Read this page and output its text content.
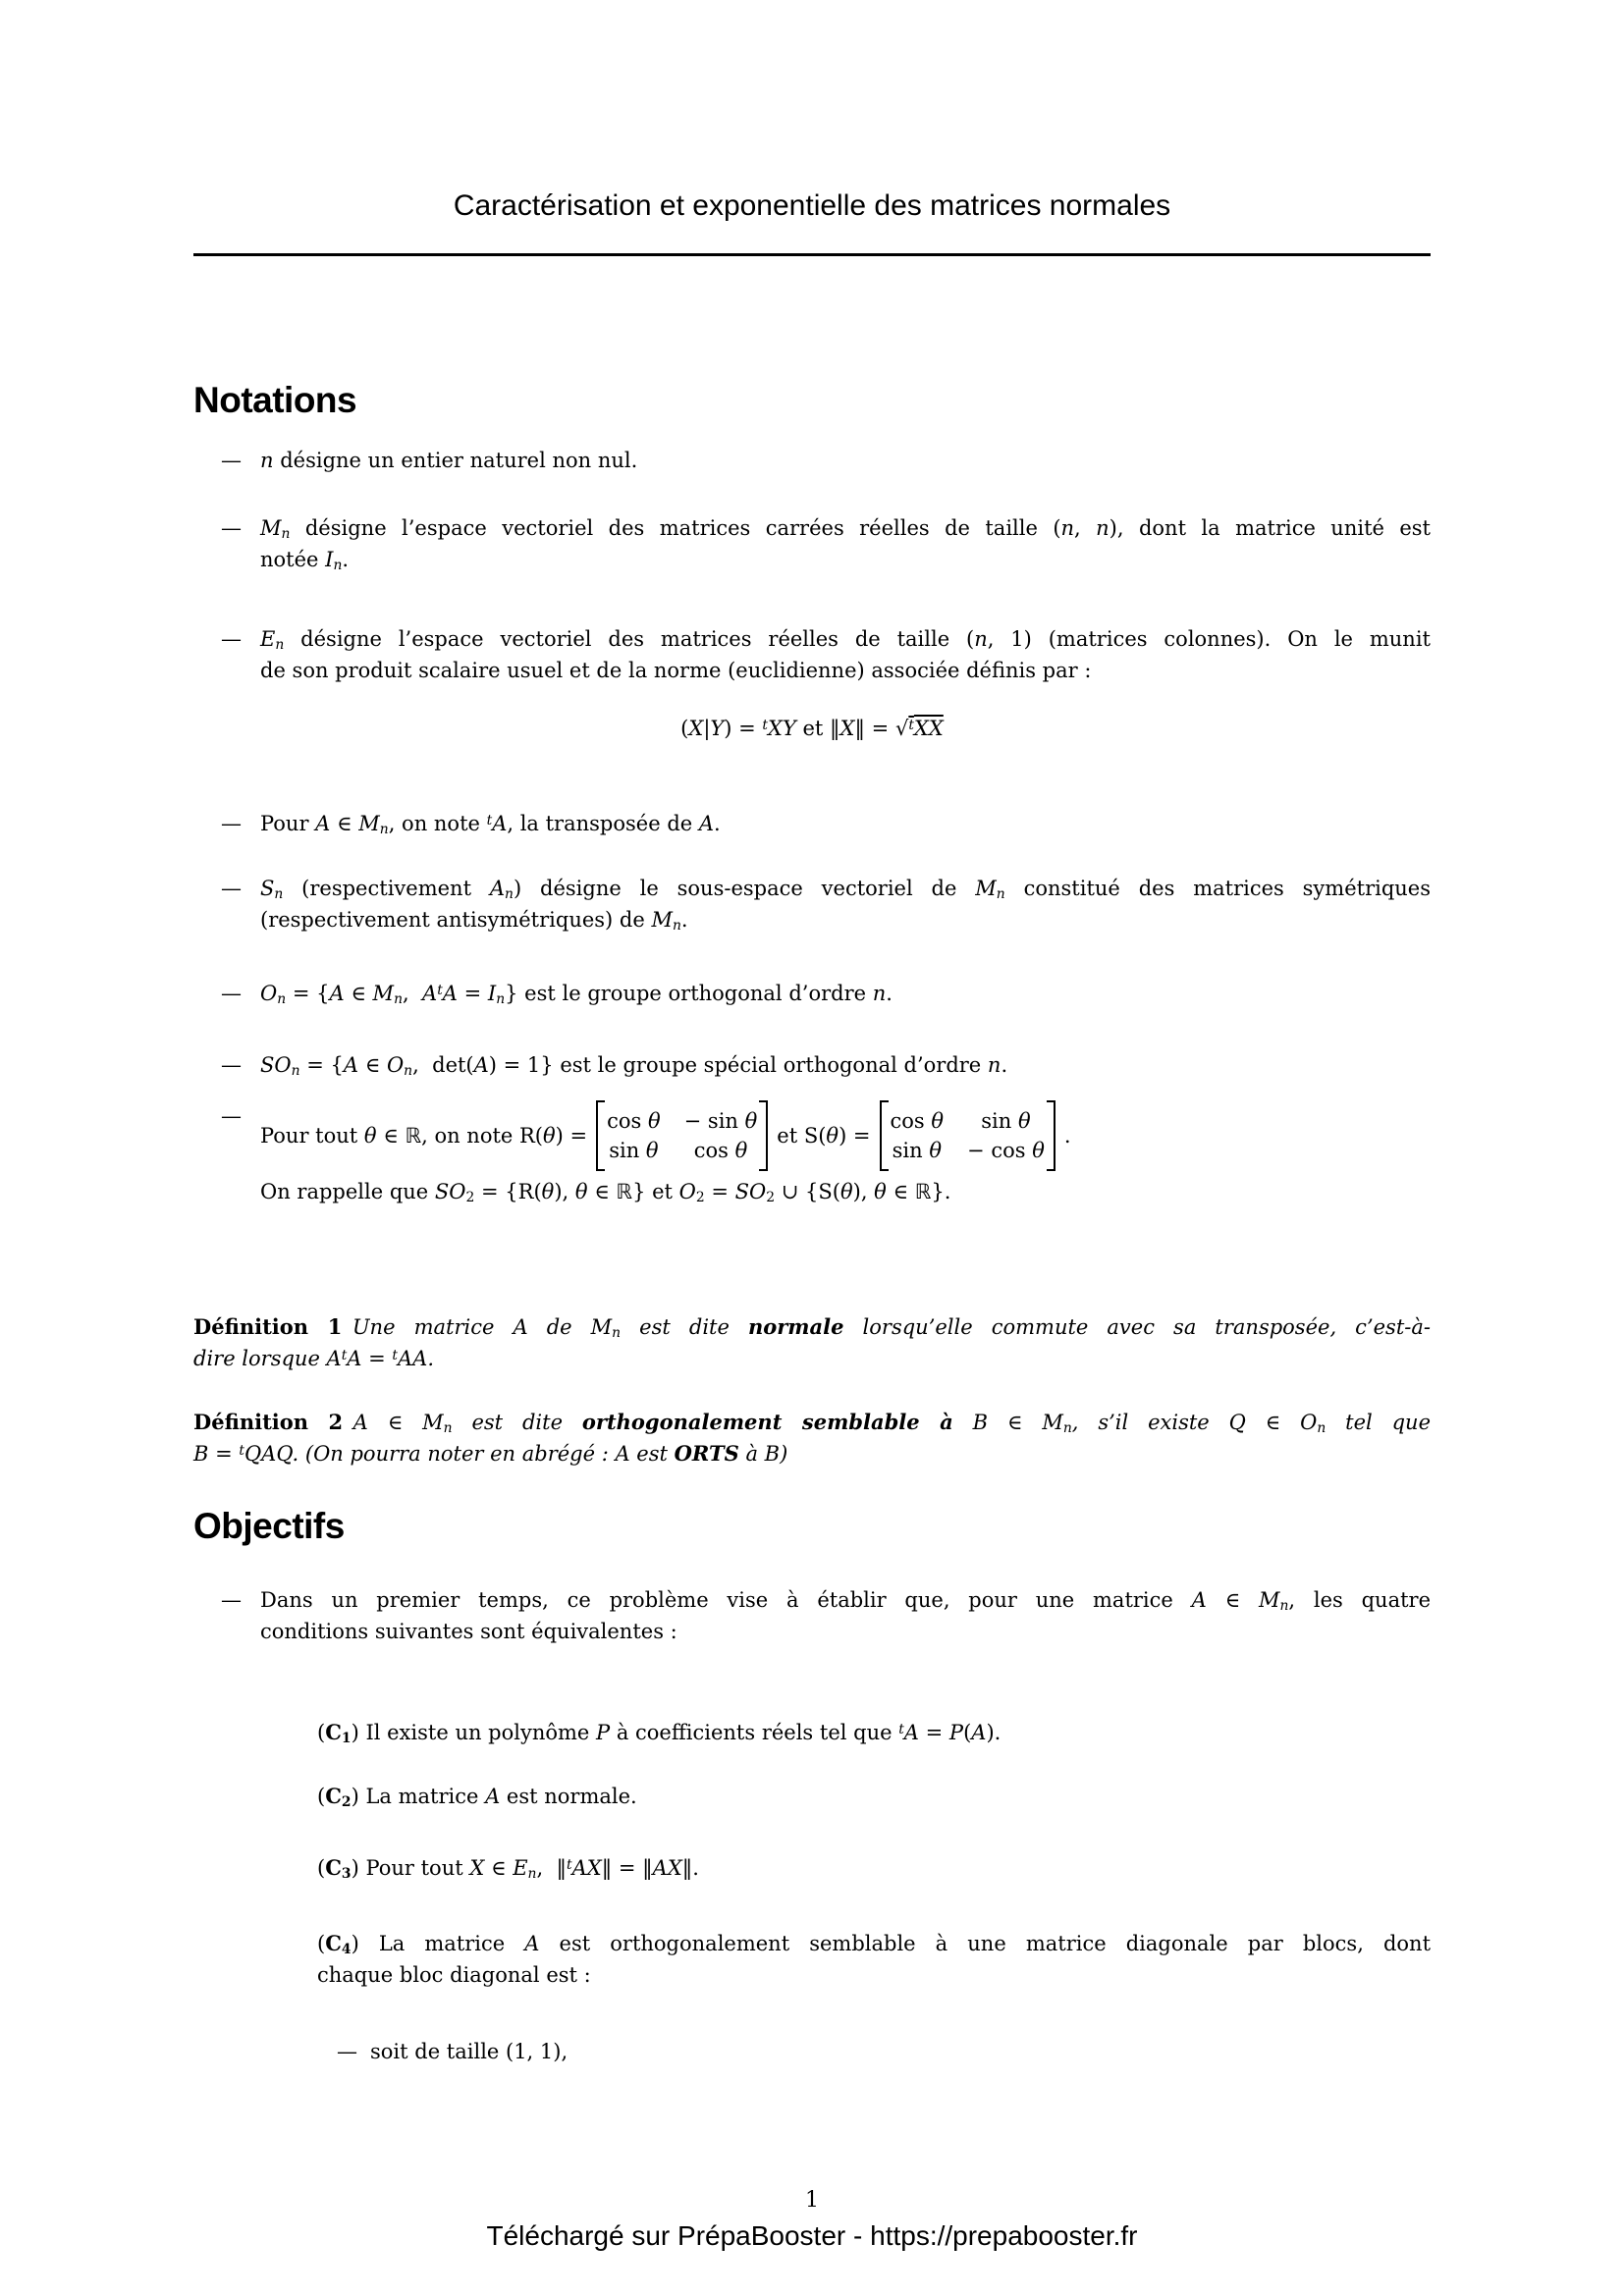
Caractérisation et exponentielle des matrices normales
Notations
— n désigne un entier naturel non nul.
— $M_n$ désigne l’espace vectoriel des matrices carrées réelles de taille (n, n), dont la matrice unité est
notée $I_n$.
— $E_n$ désigne l’espace vectoriel des matrices réelles de taille (n, 1) (matrices colonnes). On le munit
de son produit scalaire usuel et de la norme (euclidienne) associée définis par :
(X|Y) = $^t$XY et ‖X‖ = √$^t$XX
— Pour A ∈ $M_n$, on note $^t$A, la transposée de A.
— $S_n$ (respectivement $A_n$) désigne le sous-espace vectoriel de $M_n$ constitué des matrices symétriques
(respectivement antisymétriques) de $M_n$.
— $O_n = \{A$ ∈ $M_n$,  $A^tA = I_n$} est le groupe orthogonal d’ordre n.
— $SO_n = \{A$ ∈ $O_n$,  det(A) = 1} est le groupe spécial orthogonal d’ordre n.
—
Pour tout θ ∈ ℝ, on note R(θ) =
cos θ − sin θ
sin θ	cos θ
et S(θ) =
cos θ	sin θ
sin θ − cos θ
.
On rappelle que $SO_2 = \{R(\theta)$, θ ∈ ℝ} et $O_2 = SO_2$ ∪ {S(θ), θ ∈ ℝ}.
Définition 1  Une matrice A de $M_n$ est dite normale lorsqu’elle commute avec sa transposée, c’est-à-
dire lorsque $A^tA = ^tAA$.
Définition 2  A ∈ $M_n$ est dite orthogonalement semblable à B ∈ $M_n$, s’il existe Q ∈ $O_n$ tel que
B = $^t$QAQ. (On pourra noter en abrégé : A est ORTS à B)
Objectifs
— Dans un premier temps, ce problème vise à établir que, pour une matrice A ∈ $M_n$, les quatre
conditions suivantes sont équivalentes :
$(C_1)$ Il existe un polynôme P à coefficients réels tel que $^t$A = P(A).
$(C_2)$ La matrice A est normale.
$(C_3)$ Pour tout X ∈ $E_n$,  ‖$^t$AX‖ = ‖AX‖.
$(C_4)$ La matrice A est orthogonalement semblable à une matrice diagonale par blocs, dont
chaque bloc diagonal est :
— soit de taille (1, 1),
1
Téléchargé sur PrépaBooster - https://prepabooster.fr
